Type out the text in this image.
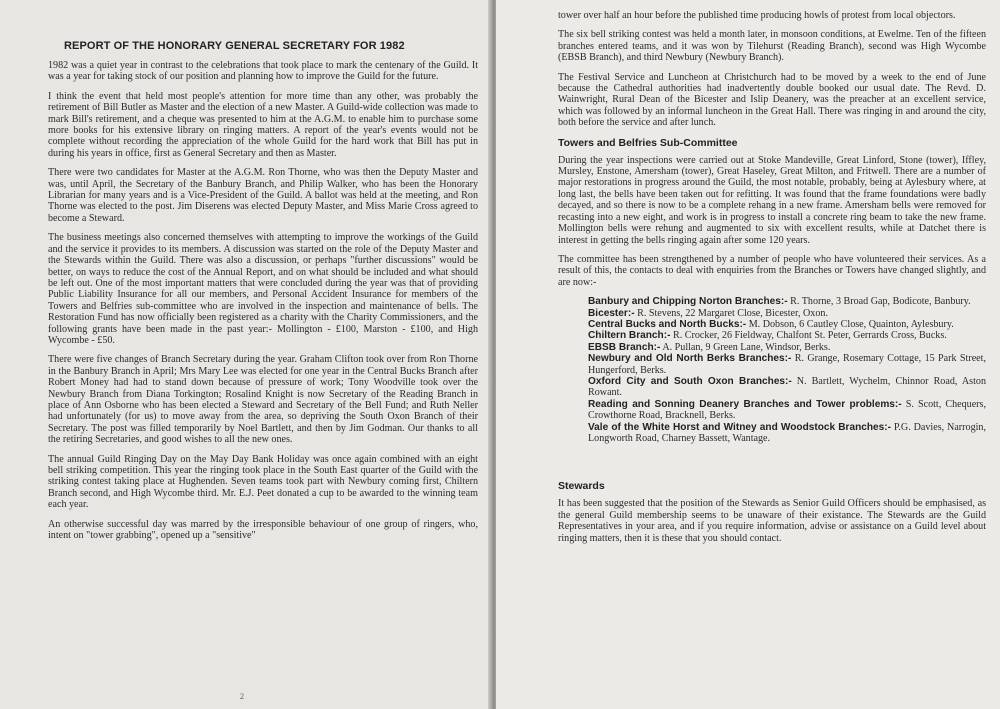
REPORT OF THE HONORARY GENERAL SECRETARY FOR 1982

1982 was a quiet year in contrast to the celebrations that took place to mark the centenary of the Guild. It was a year for taking stock of our position and planning how to improve the Guild for the future.

I think the event that held most people's attention for more time than any other, was probably the retirement of Bill Butler as Master and the election of a new Master. A Guild-wide collection was made to mark Bill's retirement, and a cheque was presented to him at the A.G.M. to enable him to purchase some more books for his extensive library on ringing matters. A report of the year's events would not be complete without recording the appreciation of the whole Guild for the hard work that Bill has put in during his years in office, first as General Secretary and then as Master.

There were two candidates for Master at the A.G.M. Ron Thorne, who was then the Deputy Master and was, until April, the Secretary of the Banbury Branch, and Philip Walker, who has been the Honorary Librarian for many years and is a Vice-President of the Guild. A ballot was held at the meeting, and Ron Thorne was elected to the post. Jim Diserens was elected Deputy Master, and Miss Marie Cross agreed to become a Steward.

The business meetings also concerned themselves with attempting to improve the workings of the Guild and the service it provides to its members. A discussion was started on the role of the Deputy Master and the Stewards within the Guild. There was also a discussion, or perhaps "further discussions" would be better, on ways to reduce the cost of the Annual Report, and on what should be included and what should be left out. One of the most important matters that were concluded during the year was that of providing Public Liability Insurance for all our members, and Personal Accident Insurance for members of the Towers and Belfries sub-committee who are involved in the inspection and maintenance of bells. The Restoration Fund has now officially been registered as a charity with the Charity Commissioners, and the following grants have been made in the past year:- Mollington - £100, Marston - £100, and High Wycombe - £50.

There were five changes of Branch Secretary during the year. Graham Clifton took over from Ron Thorne in the Banbury Branch in April; Mrs Mary Lee was elected for one year in the Central Bucks Branch after Robert Money had had to stand down because of pressure of work; Tony Woodville took over the Newbury Branch from Diana Torkington; Rosalind Knight is now Secretary of the Reading Branch in place of Ann Osborne who has been elected a Steward and Secretary of the Bell Fund; and Ruth Neller had unfortunately (for us) to move away from the area, so depriving the South Oxon Branch of their Secretary. The post was filled temporarily by Noel Bartlett, and then by Jim Godman. Our thanks to all the retiring Secretaries, and good wishes to all the new ones.

The annual Guild Ringing Day on the May Day Bank Holiday was once again combined with an eight bell striking competition. This year the ringing took place in the South East quarter of the Guild with the striking contest taking place at Hughenden. Seven teams took part with Newbury coming first, Chiltern Branch second, and High Wycombe third. Mr. E.J. Peet donated a cup to be awarded to the winning team each year.

An otherwise successful day was marred by the irresponsible behaviour of one group of ringers, who, intent on "tower grabbing", opened up a "sensitive"

2

tower over half an hour before the published time producing howls of protest from local objectors.

The six bell striking contest was held a month later, in monsoon conditions, at Ewelme. Ten of the fifteen branches entered teams, and it was won by Tilehurst (Reading Branch), second was High Wycombe (EBSB Branch), and third Newbury (Newbury Branch).

The Festival Service and Luncheon at Christchurch had to be moved by a week to the end of June because the Cathedral authorities had inadvertently double booked our usual date. The Revd. D. Wainwright, Rural Dean of the Bicester and Islip Deanery, was the preacher at an excellent service, which was followed by an informal luncheon in the Great Hall. There was ringing in and around the city, both before the service and after lunch.

Towers and Belfries Sub-Committee

During the year inspections were carried out at Stoke Mandeville, Great Linford, Stone (tower), Iffley, Mursley, Enstone, Amersham (tower), Great Haseley, Great Milton, and Fritwell. There are a number of major restorations in progress around the Guild, the most notable, probably, being at Aylesbury where, at long last, the bells have been taken out for refitting. It was found that the frame foundations were badly decayed, and so there is now to be a complete rehang in a new frame. Amersham bells were removed for recasting into a new eight, and work is in progress to install a concrete ring beam to take the new frame. Mollington bells were rehung and augmented to six with excellent results, while at Datchet there is interest in getting the bells ringing again after some 120 years.

The committee has been strengthened by a number of people who have volunteered their services. As a result of this, the contacts to deal with enquiries from the Branches or Towers have changed slightly, and are now:-

Banbury and Chipping Norton Branches:- R. Thorne, 3 Broad Gap, Bodicote, Banbury.

Bicester:- R. Stevens, 22 Margaret Close, Bicester, Oxon.

Central Bucks and North Bucks:- M. Dobson, 6 Cautley Close, Quainton, Aylesbury.

Chiltern Branch:- R. Crocker, 26 Fieldway, Chalfont St. Peter, Gerrards Cross, Bucks.

EBSB Branch:- A. Pullan, 9 Green Lane, Windsor, Berks.

Newbury and Old North Berks Branches:- R. Grange, Rosemary Cottage, 15 Park Street, Hungerford, Berks.

Oxford City and South Oxon Branches:- N. Bartlett, Wychelm, Chinnor Road, Aston Rowant.

Reading and Sonning Deanery Branches and Tower problems:- S. Scott, Chequers, Crowthorne Road, Bracknell, Berks.

Vale of the White Horst and Witney and Woodstock Branches:- P.G. Davies, Narrogin, Longworth Road, Charney Bassett, Wantage.

Stewards

It has been suggested that the position of the Stewards as Senior Guild Officers should be emphasised, as the general Guild membership seems to be unaware of their existance. The Stewards are the Guild Representatives in your area, and if you require information, advise or assistance on a Guild level about ringing matters, then it is these that you should contact.
